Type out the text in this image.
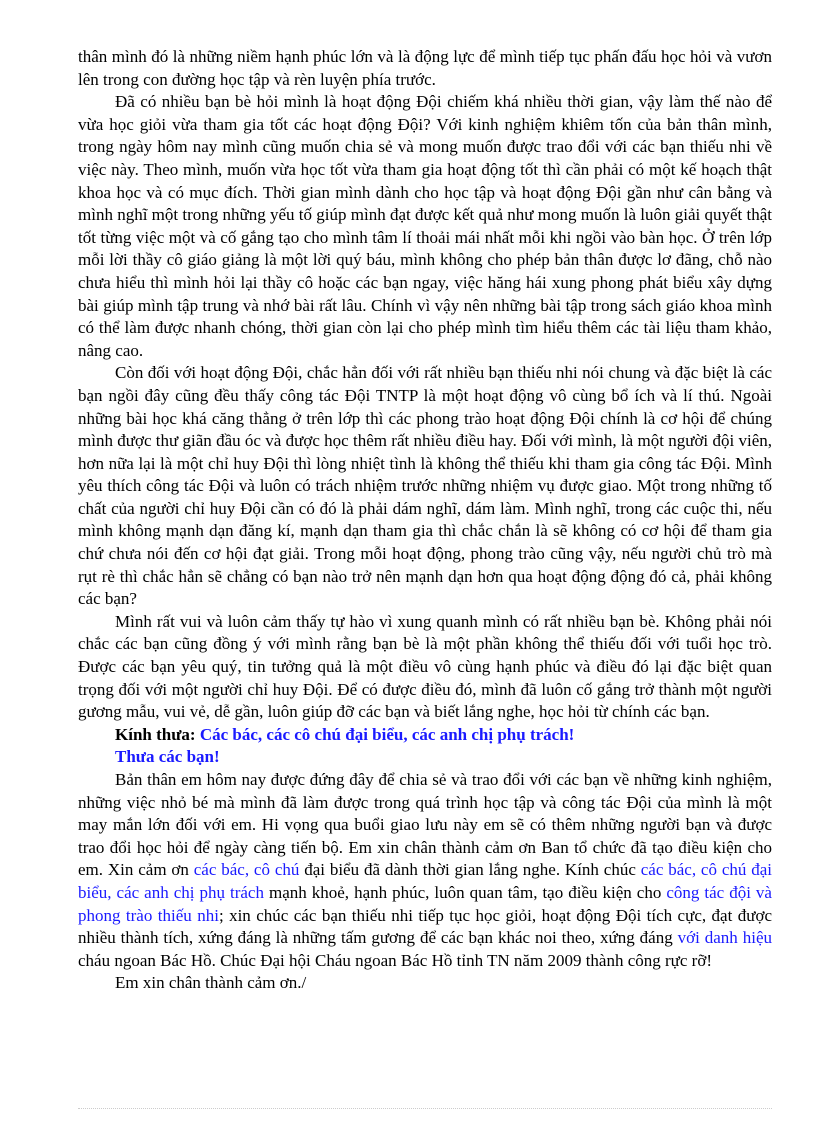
thân mình đó là những niềm hạnh phúc lớn và là động lực để mình tiếp tục phấn đấu học hỏi và vươn lên trong con đường học tập và rèn luyện phía trước.

Đã có nhiều bạn bè hỏi mình là hoạt động Đội chiếm khá nhiều thời gian, vậy làm thế nào để vừa học giỏi vừa tham gia tốt các hoạt động Đội? Với kinh nghiệm khiêm tốn của bản thân mình, trong ngày hôm nay mình cũng muốn chia sẻ và mong muốn được trao đổi với các bạn thiếu nhi về việc này. Theo mình, muốn vừa học tốt vừa tham gia hoạt động tốt thì cần phải có một kế hoạch thật khoa học và có mục đích. Thời gian mình dành cho học tập và hoạt động Đội gần như cân bằng và mình nghĩ một trong những yếu tố giúp mình đạt được kết quả như mong muốn là luôn giải quyết thật tốt từng việc một và cố gắng tạo cho mình tâm lí thoải mái nhất mỗi khi ngồi vào bàn học. Ở trên lớp mỗi lời thầy cô giáo giảng là một lời quý báu, mình không cho phép bản thân được lơ đãng, chỗ nào chưa hiểu thì mình hỏi lại thầy cô hoặc các bạn ngay, việc hăng hái xung phong phát biểu xây dựng bài giúp mình tập trung và nhớ bài rất lâu. Chính vì vậy nên những bài tập trong sách giáo khoa mình có thể làm được nhanh chóng, thời gian còn lại cho phép mình tìm hiểu thêm các tài liệu tham khảo, nâng cao.

Còn đối với hoạt động Đội, chắc hẳn đối với rất nhiều bạn thiếu nhi nói chung và đặc biệt là các bạn ngồi đây cũng đều thấy công tác Đội TNTP là một hoạt động vô cùng bổ ích và lí thú. Ngoài những bài học khá căng thẳng ở trên lớp thì các phong trào hoạt động Đội chính là cơ hội để chúng mình được thư giãn đầu óc và được học thêm rất nhiều điều hay. Đối với mình, là một người đội viên, hơn nữa lại là một chỉ huy Đội thì lòng nhiệt tình là không thể thiếu khi tham gia công tác Đội. Mình yêu thích công tác Đội và luôn có trách nhiệm trước những nhiệm vụ được giao. Một trong những tố chất của người chỉ huy Đội cần có đó là phải dám nghĩ, dám làm. Mình nghĩ, trong các cuộc thi, nếu mình không mạnh dạn đăng kí, mạnh dạn tham gia thì chắc chắn là sẽ không có cơ hội để tham gia chứ chưa nói đến cơ hội đạt giải. Trong mỗi hoạt động, phong trào cũng vậy, nếu người chủ trò mà rụt rè thì chắc hẳn sẽ chẳng có bạn nào trở nên mạnh dạn hơn qua hoạt động động đó cả, phải không các bạn?

Mình rất vui và luôn cảm thấy tự hào vì xung quanh mình có rất nhiều bạn bè. Không phải nói chắc các bạn cũng đồng ý với mình rằng bạn bè là một phần không thể thiếu đối với tuổi học trò. Được các bạn yêu quý, tin tưởng quả là một điều vô cùng hạnh phúc và điều đó lại đặc biệt quan trọng đối với một người chỉ huy Đội. Để có được điều đó, mình đã luôn cố gắng trở thành một người gương mẫu, vui vẻ, dễ gần, luôn giúp đỡ các bạn và biết lắng nghe, học hỏi từ chính các bạn.

Kính thưa: Các bác, các cô chú đại biểu, các anh chị phụ trách!

Thưa các bạn!

Bản thân em hôm nay được đứng đây để chia sẻ và trao đổi với các bạn về những kinh nghiệm, những việc nhỏ bé mà mình đã làm được trong quá trình học tập và công tác Đội của mình là một may mắn lớn đối với em. Hi vọng qua buổi giao lưu này em sẽ có thêm những người bạn và được trao đổi học hỏi để ngày càng tiến bộ. Em xin chân thành cảm ơn Ban tổ chức đã tạo điều kiện cho em. Xin cảm ơn các bác, cô chú đại biểu đã dành thời gian lắng nghe. Kính chúc các bác, cô chú đại biểu, các anh chị phụ trách mạnh khoẻ, hạnh phúc, luôn quan tâm, tạo điều kiện cho công tác đội và phong trào thiếu nhi; xin chúc các bạn thiếu nhi tiếp tục học giỏi, hoạt động Đội tích cực, đạt được nhiều thành tích, xứng đáng là những tấm gương để các bạn khác noi theo, xứng đáng với danh hiệu cháu ngoan Bác Hồ. Chúc Đại hội Cháu ngoan Bác Hồ tỉnh TN năm 2009 thành công rực rỡ!

Em xin chân thành cảm ơn./
